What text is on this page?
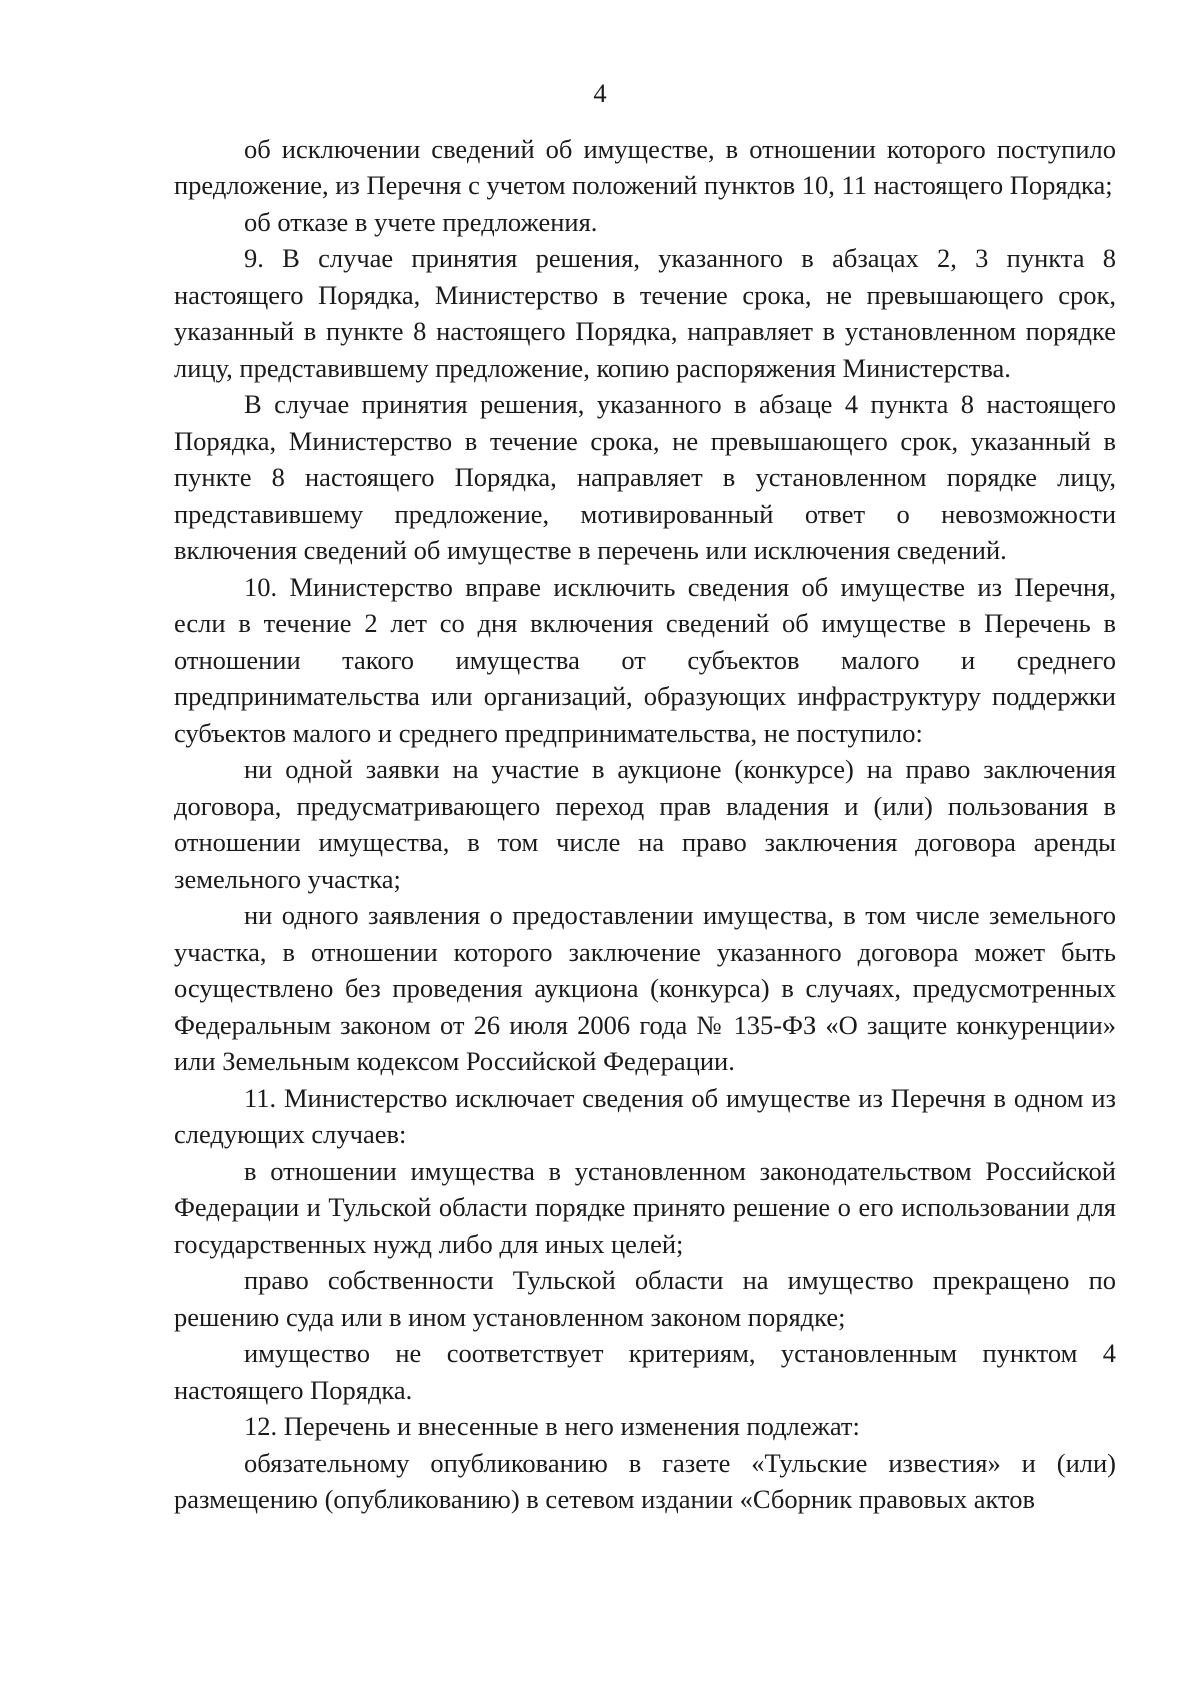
4

об исключении сведений об имуществе, в отношении которого поступило предложение, из Перечня с учетом положений пунктов 10, 11 настоящего Порядка;

об отказе в учете предложения.

9. В случае принятия решения, указанного в абзацах 2, 3 пункта 8 настоящего Порядка, Министерство в течение срока, не превышающего срок, указанный в пункте 8 настоящего Порядка, направляет в установленном порядке лицу, представившему предложение, копию распоряжения Министерства.

В случае принятия решения, указанного в абзаце 4 пункта 8 настоящего Порядка, Министерство в течение срока, не превышающего срок, указанный в пункте 8 настоящего Порядка, направляет в установленном порядке лицу, представившему предложение, мотивированный ответ о невозможности включения сведений об имуществе в перечень или исключения сведений.

10. Министерство вправе исключить сведения об имуществе из Перечня, если в течение 2 лет со дня включения сведений об имуществе в Перечень в отношении такого имущества от субъектов малого и среднего предпринимательства или организаций, образующих инфраструктуру поддержки субъектов малого и среднего предпринимательства, не поступило:

ни одной заявки на участие в аукционе (конкурсе) на право заключения договора, предусматривающего переход прав владения и (или) пользования в отношении имущества, в том числе на право заключения договора аренды земельного участка;

ни одного заявления о предоставлении имущества, в том числе земельного участка, в отношении которого заключение указанного договора может быть осуществлено без проведения аукциона (конкурса) в случаях, предусмотренных Федеральным законом от 26 июля 2006 года № 135-ФЗ «О защите конкуренции» или Земельным кодексом Российской Федерации.

11. Министерство исключает сведения об имуществе из Перечня в одном из следующих случаев:

в отношении имущества в установленном законодательством Российской Федерации и Тульской области порядке принято решение о его использовании для государственных нужд либо для иных целей;

право собственности Тульской области на имущество прекращено по решению суда или в ином установленном законом порядке;

имущество не соответствует критериям, установленным пунктом 4 настоящего Порядка.

12. Перечень и внесенные в него изменения подлежат:

обязательному опубликованию в газете «Тульские известия» и (или) размещению (опубликованию) в сетевом издании «Сборник правовых актов
